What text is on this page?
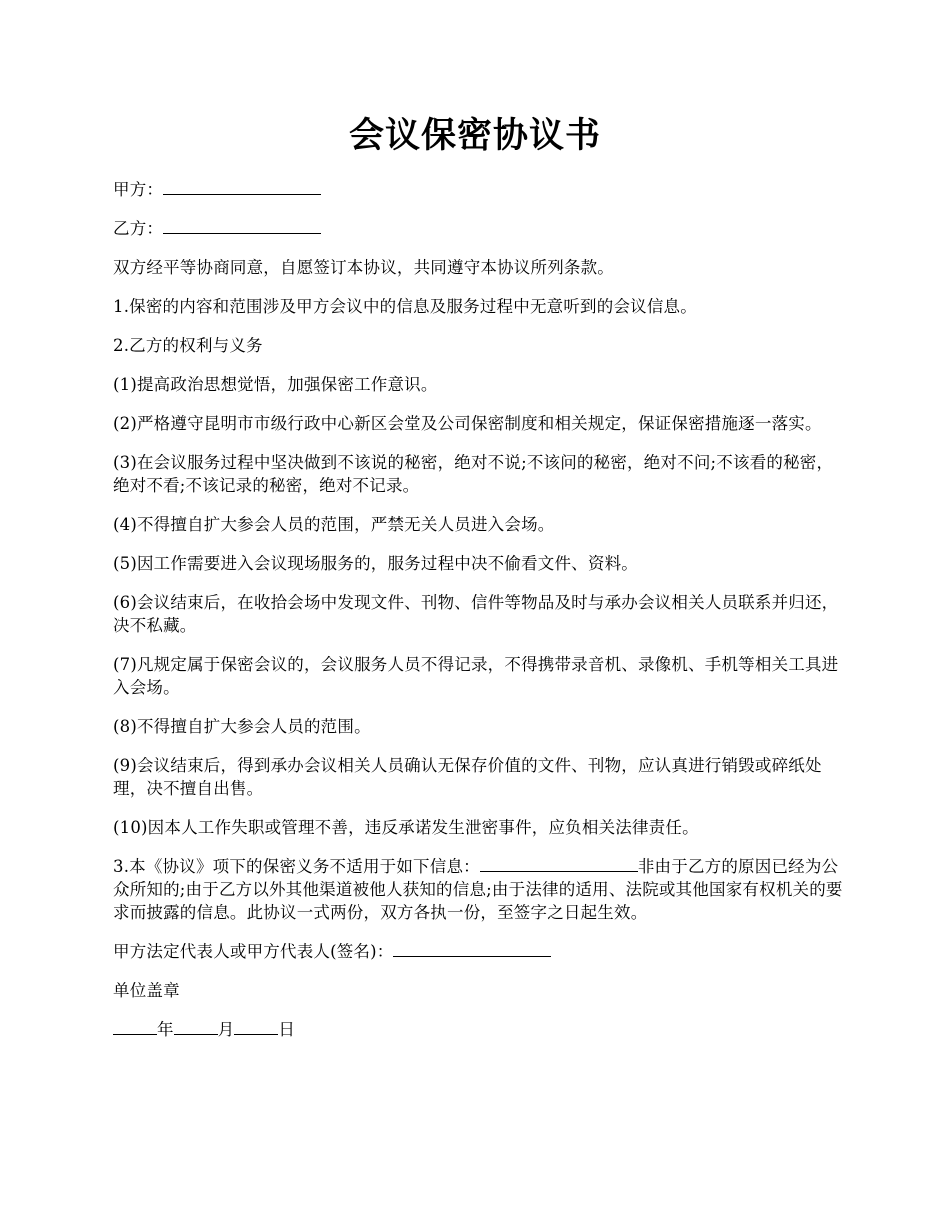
会议保密协议书

甲方：

乙方：

双方经平等协商同意，自愿签订本协议，共同遵守本协议所列条款。

1.保密的内容和范围涉及甲方会议中的信息及服务过程中无意听到的会议信息。

2.乙方的权利与义务

(1)提高政治思想觉悟，加强保密工作意识。

(2)严格遵守昆明市市级行政中心新区会堂及公司保密制度和相关规定，保证保密措施逐一落实。

(3)在会议服务过程中坚决做到不该说的秘密，绝对不说;不该问的秘密，绝对不问;不该看的秘密，绝对不看;不该记录的秘密，绝对不记录。

(4)不得擅自扩大参会人员的范围，严禁无关人员进入会场。

(5)因工作需要进入会议现场服务的，服务过程中决不偷看文件、资料。

(6)会议结束后，在收拾会场中发现文件、刊物、信件等物品及时与承办会议相关人员联系并归还，决不私藏。

(7)凡规定属于保密会议的，会议服务人员不得记录，不得携带录音机、录像机、手机等相关工具进入会场。

(8)不得擅自扩大参会人员的范围。

(9)会议结束后，得到承办会议相关人员确认无保存价值的文件、刊物，应认真进行销毁或碎纸处理，决不擅自出售。

(10)因本人工作失职或管理不善，违反承诺发生泄密事件，应负相关法律责任。

3.本《协议》项下的保密义务不适用于如下信息：	非由于乙方的原因已经为公众所知的;由于乙方以外其他渠道被他人获知的信息;由于法律的适用、法院或其他国家有权机关的要求而披露的信息。此协议一式两份，双方各执一份，至签字之日起生效。

甲方法定代表人或甲方代表人(签名)：

单位盖章

年	月	日
